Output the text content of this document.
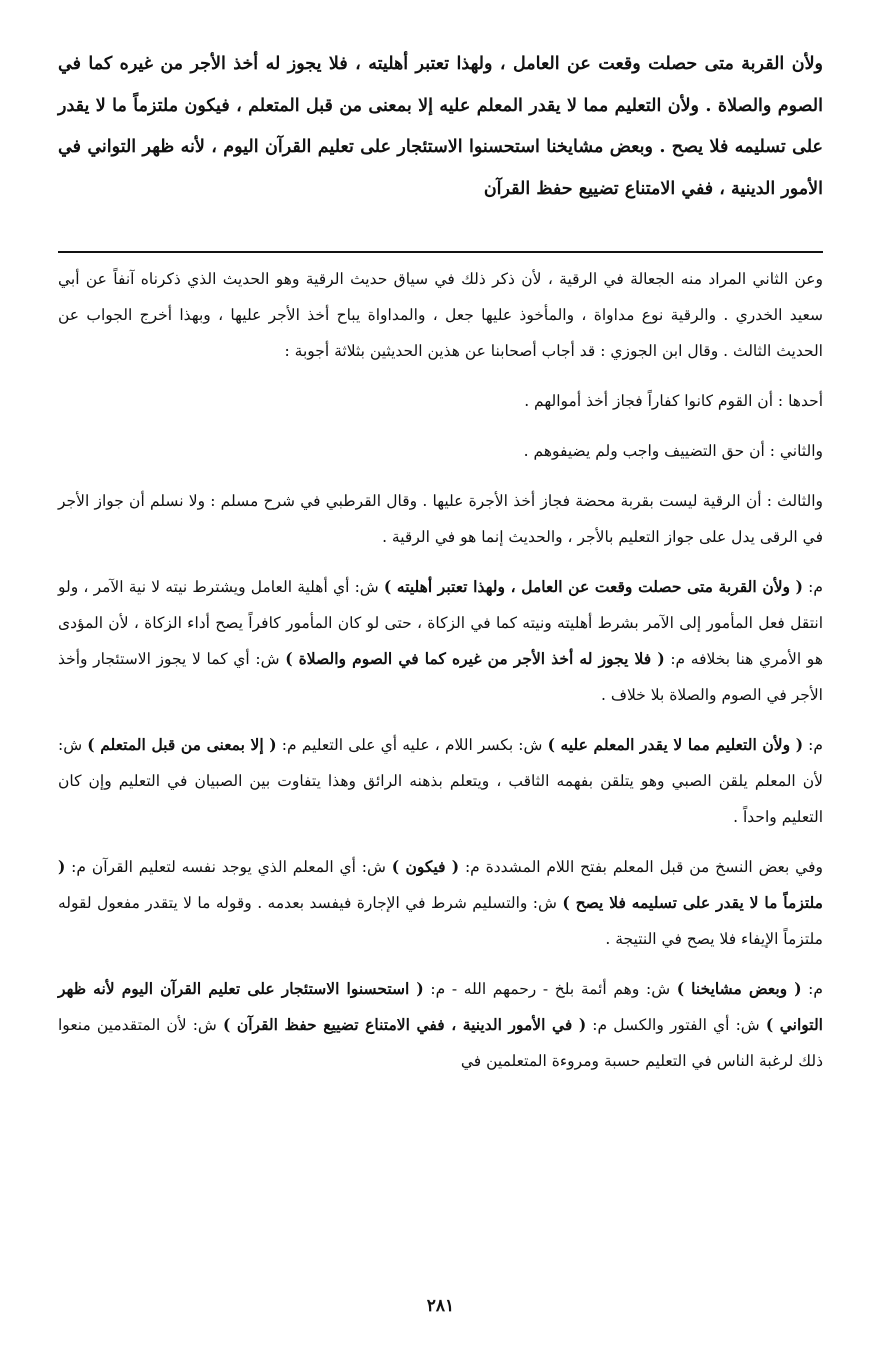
ولأن القربة متى حصلت وقعت عن العامل ، ولهذا تعتبر أهليته ، فلا يجوز له أخذ الأجر من غيره كما في الصوم والصلاة . ولأن التعليم مما لا يقدر المعلم عليه إلا بمعنى من قبل المتعلم ، فيكون ملتزماً ما لا يقدر على تسليمه فلا يصح . وبعض مشايخنا استحسنوا الاستئجار على تعليم القرآن اليوم ، لأنه ظهر التواني في الأمور الدينية ، ففي الامتناع تضييع حفظ القرآن

وعن الثاني المراد منه الجعالة في الرقية ، لأن ذكر ذلك في سياق حديث الرقية وهو الحديث الذي ذكرناه آنفاً عن أبي سعيد الخدري . والرقية نوع مداواة ، والمأخوذ عليها جعل ، والمداواة يباح أخذ الأجر عليها ، وبهذا أخرج الجواب عن الحديث الثالث . وقال ابن الجوزي : قد أجاب أصحابنا عن هذين الحديثين بثلاثة أجوبة :

أحدها : أن القوم كانوا كفاراً فجاز أخذ أموالهم .

والثاني : أن حق التضييف واجب ولم يضيفوهم .

والثالث : أن الرقية ليست بقربة محضة فجاز أخذ الأجرة عليها . وقال القرطبي في شرح مسلم : ولا نسلم أن جواز الأجر في الرقى يدل على جواز التعليم بالأجر ، والحديث إنما هو في الرقية .

م: ( ولأن القربة متى حصلت وقعت عن العامل ، ولهذا تعتبر أهليته ) ش: أي أهلية العامل ويشترط نيته لا نية الآمر ، ولو انتقل فعل المأمور إلى الآمر بشرط أهليته ونيته كما في الزكاة ، حتى لو كان المأمور كافراً يصح أداء الزكاة ، لأن المؤدى هو الأمري هنا بخلافه م: ( فلا يجوز له أخذ الأجر من غيره كما في الصوم والصلاة ) ش: أي كما لا يجوز الاستئجار وأخذ الأجر في الصوم والصلاة بلا خلاف .

م: ( ولأن التعليم مما لا يقدر المعلم عليه ) ش: بكسر اللام ، عليه أي على التعليم م: ( إلا بمعنى من قبل المتعلم ) ش: لأن المعلم يلقن الصبي وهو يتلقن بفهمه الثاقب ، ويتعلم بذهنه الرائق وهذا يتفاوت بين الصبيان في التعليم وإن كان التعليم واحداً .

وفي بعض النسخ من قبل المعلم بفتح اللام المشددة م: ( فيكون ) ش: أي المعلم الذي يوجد نفسه لتعليم القرآن م: ( ملتزماً ما لا يقدر على تسليمه فلا يصح ) ش: والتسليم شرط في الإجارة فيفسد بعدمه . وقوله ما لا يتقدر مفعول لقوله ملتزماً الإيفاء فلا يصح في النتيجة .

م: ( وبعض مشايخنا ) ش: وهم أئمة بلخ - رحمهم الله - م: ( استحسنوا الاستئجار على تعليم القرآن اليوم لأنه ظهر التواني ) ش: أي الفتور والكسل م: ( في الأمور الدينية ، ففي الامتناع تضييع حفظ القرآن ) ش: لأن المتقدمين منعوا ذلك لرغبة الناس في التعليم حسبة ومروءة المتعلمين في

٢٨١
